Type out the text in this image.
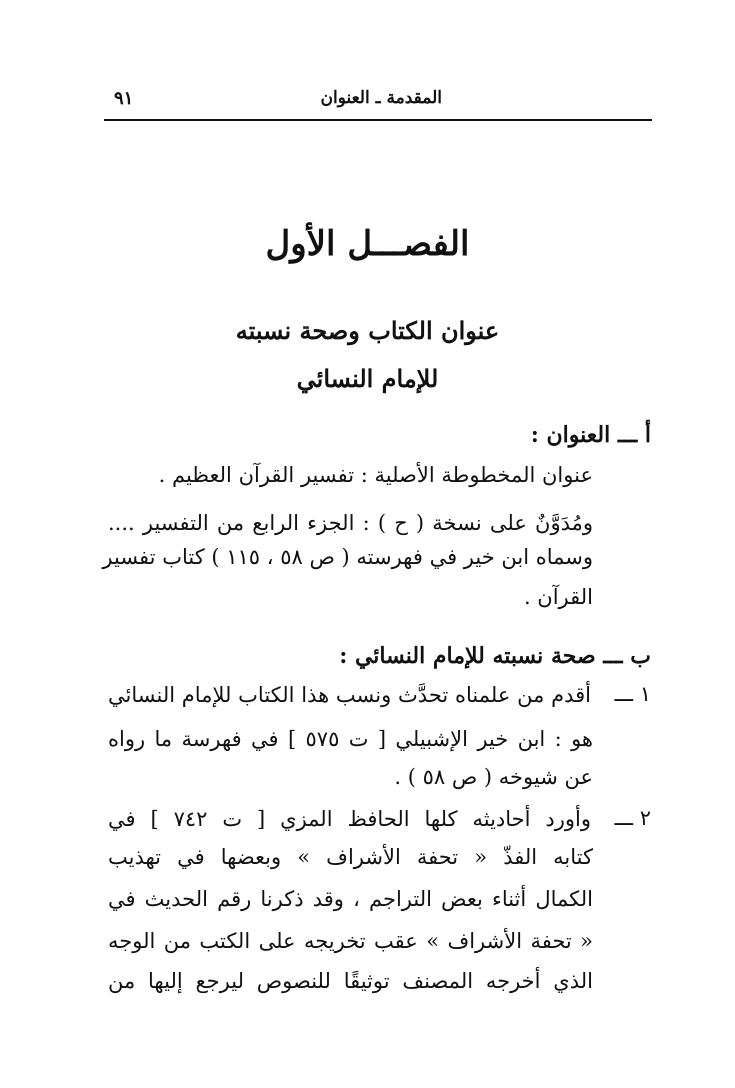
المقدمة ـ العنوان
٩١
الفصـــل الأول
عنوان الكتاب وصحة نسبته
للإمام النسائي
أ ـــ العنوان :
عنوان المخطوطة الأصلية : تفسير القرآن العظيم .
ومُدَوَّنٌ على نسخة ( ح ) : الجزء الرابع من التفسير ....
وسماه ابن خير في فهرسته ( ص ٥٨ ، ١١٥ ) كتاب تفسير
القرآن .
ب ـــ صحة نسبته للإمام النسائي :
١ ـــ
أقدم من علمناه تحدَّث ونسب هذا الكتاب للإمام النسائي
هو : ابن خير الإشبيلي [ ت ٥٧٥ ] في فهرسة ما رواه
عن شيوخه ( ص ٥٨ ) .
٢ ـــ
وأورد أحاديثه كلها الحافظ المزي [ ت ٧٤٢ ] في
كتابه الفذّ « تحفة الأشراف » وبعضها في تهذيب
الكمال أثناء بعض التراجم ، وقد ذكرنا رقم الحديث في
« تحفة الأشراف » عقب تخريجه على الكتب من الوجه
الذي أخرجه المصنف توثيقًا للنصوص ليرجع إليها من
